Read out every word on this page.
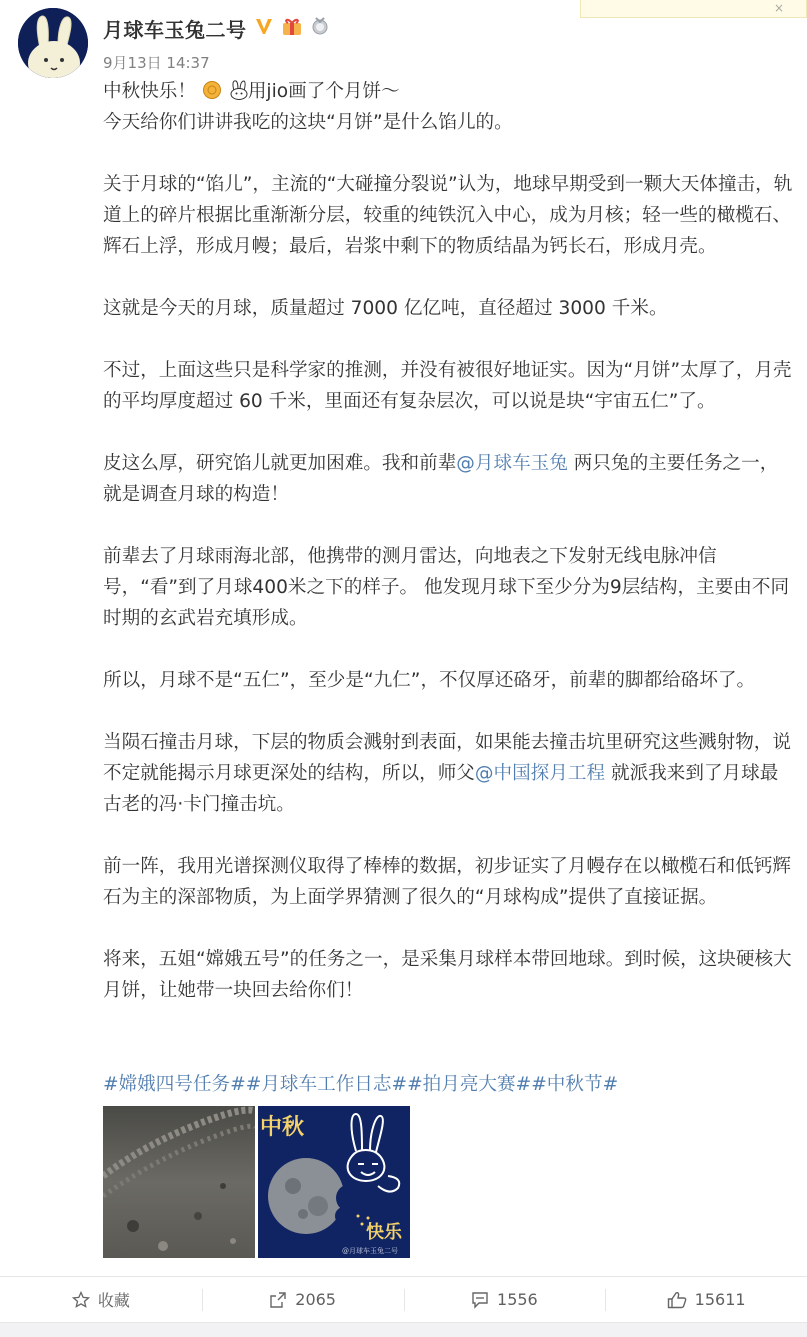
×
月球车玉兔二号
9月13日 14:37
中秋快乐！	用jio画了个月饼～
今天给你们讲讲我吃的这块“月饼”是什么馅儿的。
关于月球的“馅儿”，主流的“大碰撞分裂说”认为，地球早期受到一颗大天体撞击，轨道上的碎片根据比重渐渐分层，较重的纯铁沉入中心，成为月核；轻一些的橄榄石、辉石上浮，形成月幔；最后，岩浆中剩下的物质结晶为钙长石，形成月壳。
这就是今天的月球，质量超过 7000 亿亿吨，直径超过 3000 千米。
不过，上面这些只是科学家的推测，并没有被很好地证实。因为“月饼”太厚了，月壳的平均厚度超过 60 千米，里面还有复杂层次，可以说是块“宇宙五仁”了。
皮这么厚，研究馅儿就更加困难。我和前辈@月球车玉兔 两只兔的主要任务之一，就是调查月球的构造！
前辈去了月球雨海北部，他携带的测月雷达，向地表之下发射无线电脉冲信号，“看”到了月球400米之下的样子。 他发现月球下至少分为9层结构，主要由不同时期的玄武岩充填形成。
所以，月球不是“五仁”，至少是“九仁”，不仅厚还硌牙，前辈的脚都给硌坏了。
当陨石撞击月球，下层的物质会溅射到表面，如果能去撞击坑里研究这些溅射物，说不定就能揭示月球更深处的结构，所以，师父@中国探月工程 就派我来到了月球最古老的冯·卡门撞击坑。
前一阵，我用光谱探测仪取得了棒棒的数据，初步证实了月幔存在以橄榄石和低钙辉石为主的深部物质，为上面学界猜测了很久的“月球构成”提供了直接证据。
将来，五姐“嫦娥五号”的任务之一，是采集月球样本带回地球。到时候，这块硬核大月饼，让她带一块回去给你们！
#嫦娥四号任务##月球车工作日志##拍月亮大赛##中秋节#
中秋
快乐
@月球车玉兔二号
收藏	2065	1556	15611
